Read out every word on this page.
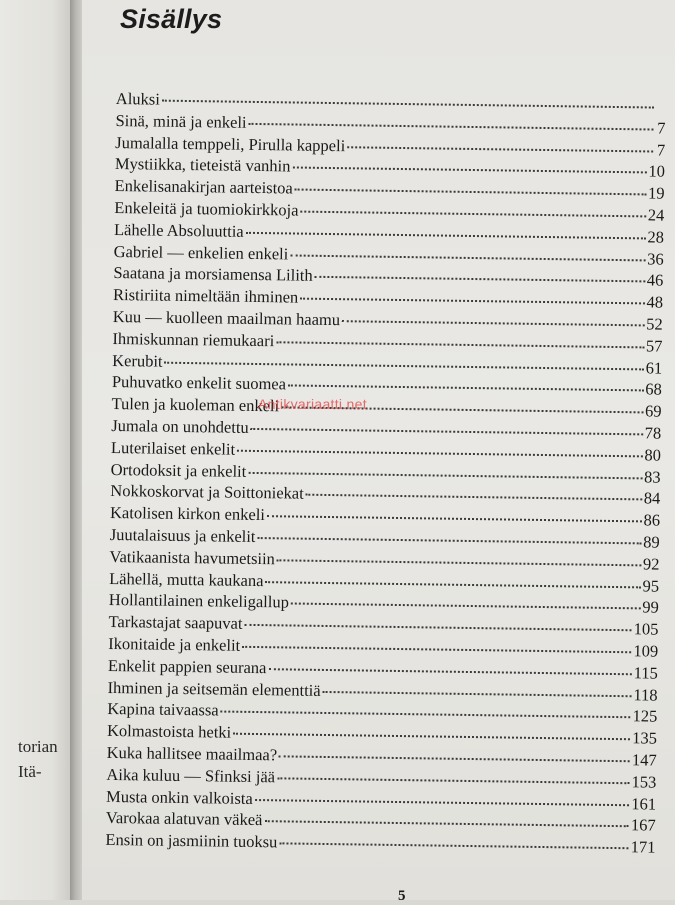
torian
Itä-
Sisällys
Aluksi
Sinä, minä ja enkeli	7
Jumalalla temppeli, Pirulla kappeli	7
Mystiikka, tieteistä vanhin	10
Enkelisanakirjan aarteistoa	19
Enkeleitä ja tuomiokirkkoja	24
Lähelle Absoluuttia	28
Gabriel — enkelien enkeli	36
Saatana ja morsiamensa Lilith	46
Ristiriita nimeltään ihminen	48
Kuu — kuolleen maailman haamu	52
Ihmiskunnan riemukaari	57
Kerubit	61
Puhuvatko enkelit suomea	68
Tulen ja kuoleman enkeli	69
Jumala on unohdettu	78
Luterilaiset enkelit	80
Ortodoksit ja enkelit	83
Nokkoskorvat ja Soittoniekat	84
Katolisen kirkon enkeli	86
Juutalaisuus ja enkelit	89
Vatikaanista havumetsiin	92
Lähellä, mutta kaukana	95
Hollantilainen enkeligallup	99
Tarkastajat saapuvat	105
Ikonitaide ja enkelit	109
Enkelit pappien seurana	115
Ihminen ja seitsemän elementtiä	118
Kapina taivaassa	125
Kolmastoista hetki	135
Kuka hallitsee maailmaa?	147
Aika kuluu — Sfinksi jää	153
Musta onkin valkoista	161
Varokaa alatuvan väkeä	167
Ensin on jasmiinin tuoksu	171
Antikvariaatti.net
5
